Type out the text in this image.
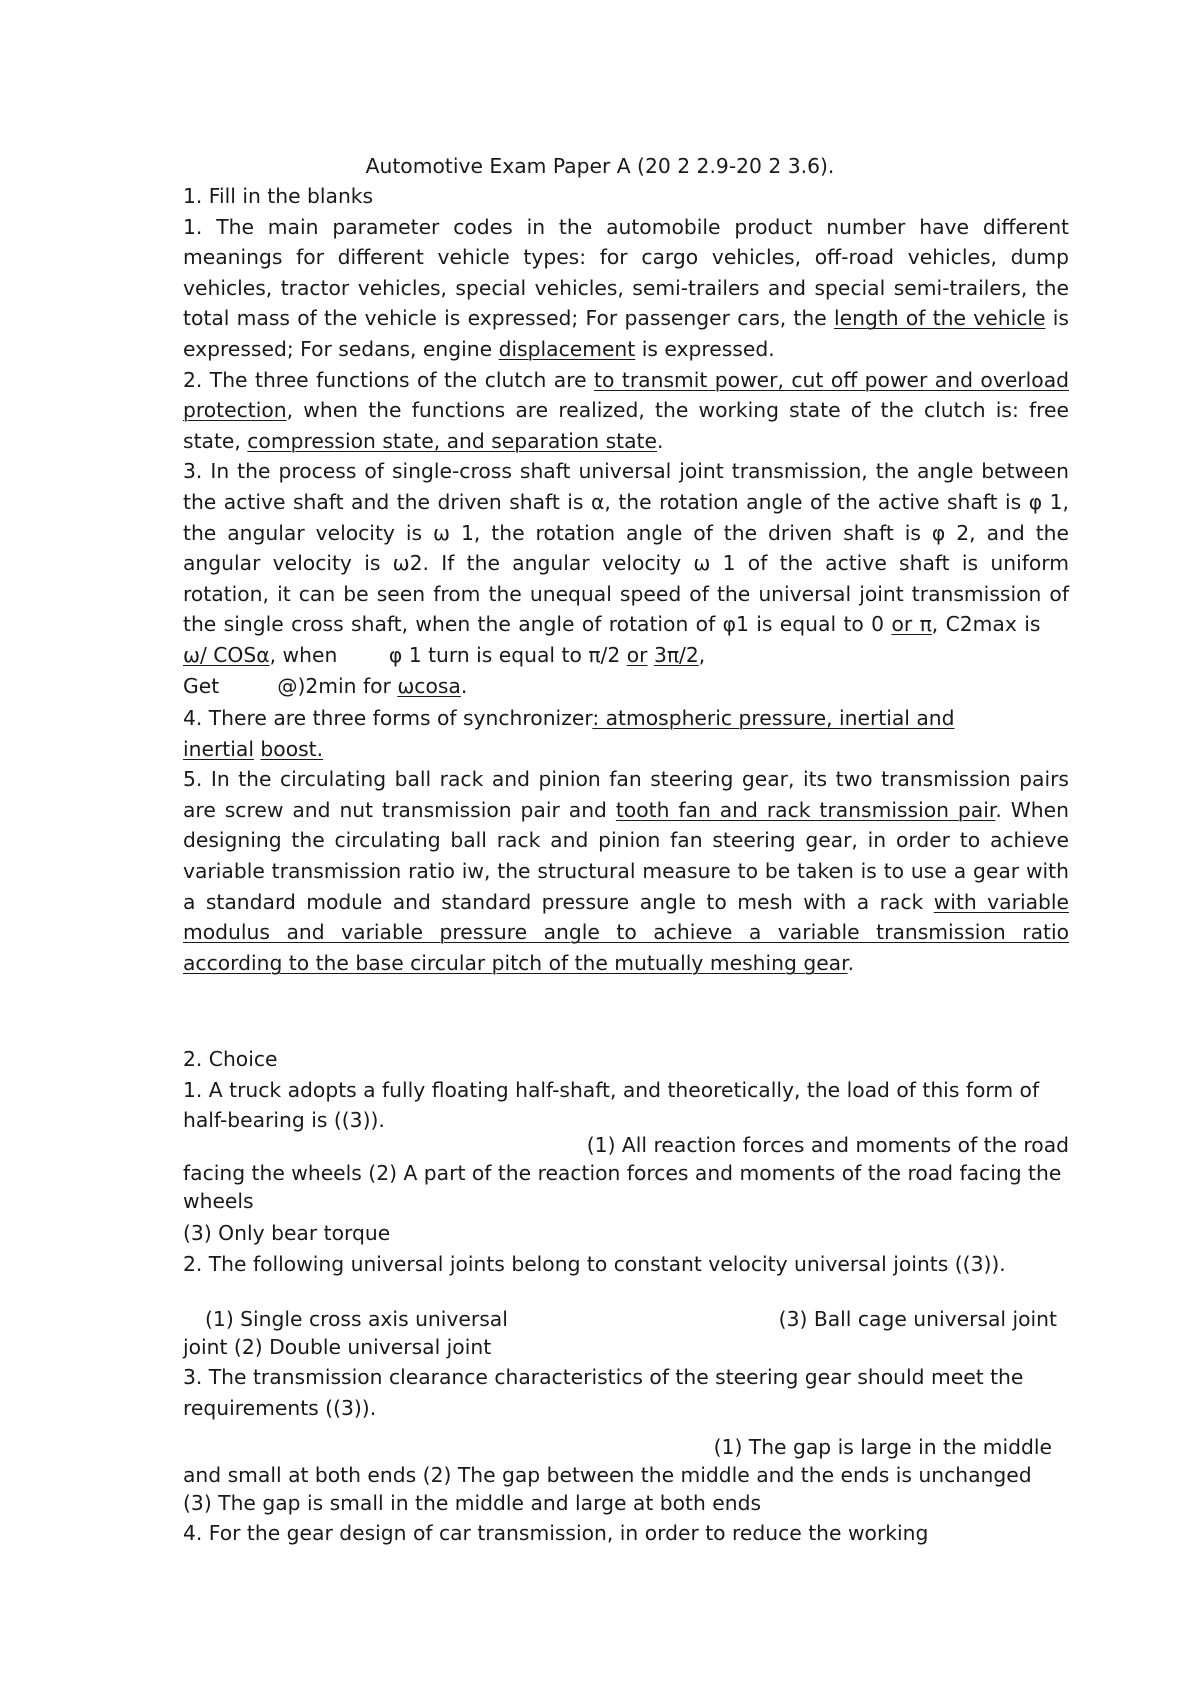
Automotive Exam Paper A (20 2 2.9-20 2 3.6).
1. Fill in the blanks
1. The main parameter codes in the automobile product number have different meanings for different vehicle types: for cargo vehicles, off-road vehicles, dump vehicles, tractor vehicles, special vehicles, semi-trailers and special semi-trailers, the total mass of the vehicle is expressed; For passenger cars, the length of the vehicle is expressed; For sedans, engine displacement is expressed.
2. The three functions of the clutch are to transmit power, cut off power and overload protection, when the functions are realized, the working state of the clutch is: free state, compression state, and separation state.
3. In the process of single-cross shaft universal joint transmission, the angle between the active shaft and the driven shaft is α, the rotation angle of the active shaft is φ 1, the angular velocity is ω 1, the rotation angle of the driven shaft is φ 2, and the angular velocity is ω2. If the angular velocity ω 1 of the active shaft is uniform rotation, it can be seen from the unequal speed of the universal joint transmission of the single cross shaft, when the angle of rotation of φ1 is equal to 0 or π, C2max is     ω/ COSα, when	φ 1 turn is equal to π/2 or 3π/2,
Get	@)2min for ωcosa.
4. There are three forms of synchronizer: atmospheric pressure, inertial and
inertial boost.
5. In the circulating ball rack and pinion fan steering gear, its two transmission pairs are screw and nut transmission pair and tooth fan and rack transmission pair. When designing the circulating ball rack and pinion fan steering gear, in order to achieve variable transmission ratio iw, the structural measure to be taken is to use a gear with a standard module and standard pressure angle to mesh with a rack with variable modulus and variable pressure angle to achieve a variable transmission ratio according to the base circular pitch of the mutually meshing gear.
2. Choice
1. A truck adopts a fully floating half-shaft, and theoretically, the load of this form of half-bearing is ((3)).
(1) All reaction forces and moments of the road
facing the wheels (2) A part of the reaction forces and moments of the road facing the wheels
(3) Only bear torque
2. The following universal joints belong to constant velocity universal joints ((3)).
(1) Single cross axis universal	(3) Ball cage universal joint
joint (2) Double universal joint
3. The transmission clearance characteristics of the steering gear should meet the requirements ((3)).
(1) The gap is large in the middle
and small at both ends (2) The gap between the middle and the ends is unchanged
(3) The gap is small in the middle and large at both ends
4. For the gear design of car transmission, in order to reduce the working
